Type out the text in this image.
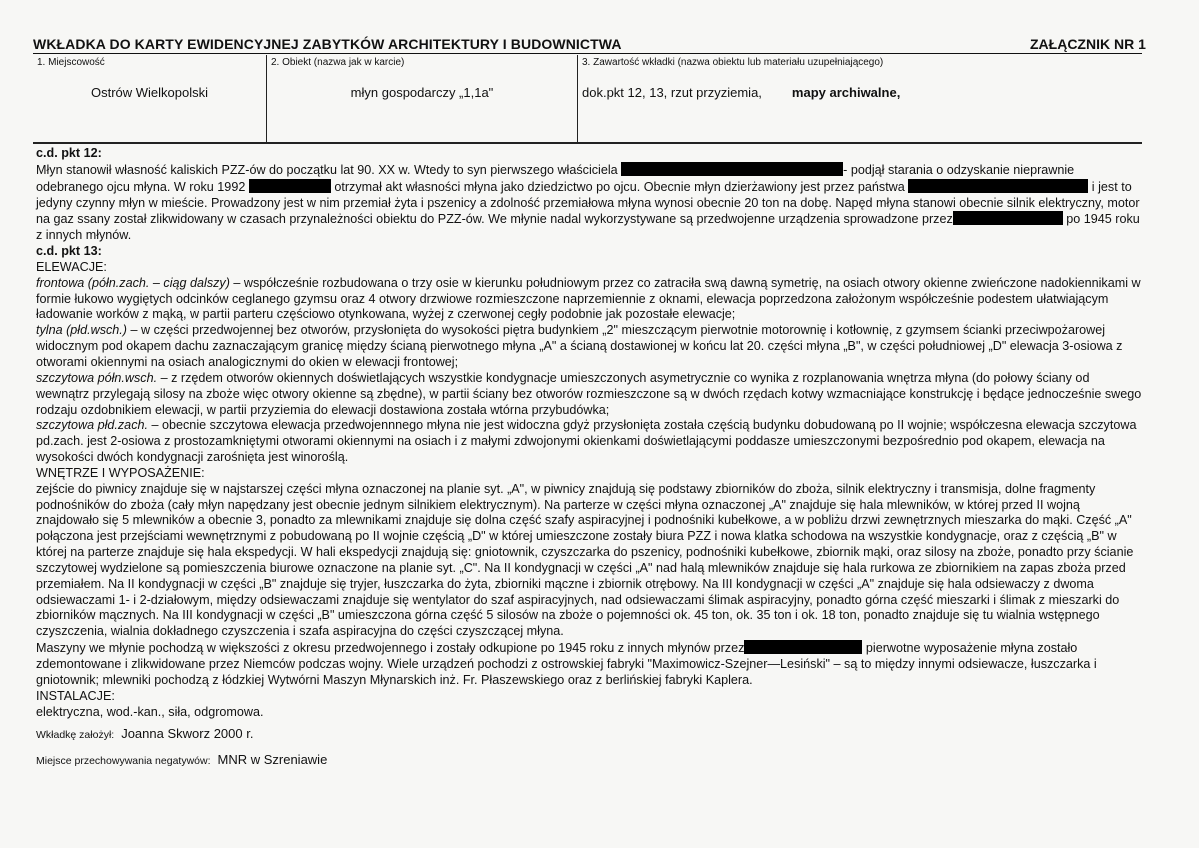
WKŁADKA DO KARTY EWIDENCYJNEJ ZABYTKÓW ARCHITEKTURY I BUDOWNICTWA	ZAŁĄCZNIK NR 1
1. Miejscowość
Ostrów Wielkopolski

2. Obiekt (nazwa jak w karcie)
młyn gospodarczy „1,1a"

3. Zawartość wkładki (nazwa obiektu lub materiału uzupełniającego)
dok.pkt 12, 13, rzut przyziemia, mapy archiwalne,

c.d. pkt 12:

Młyn stanowił własność kaliskich PZZ-ów do początku lat 90. XX w. Wtedy to syn pierwszego właściciela	- podjął starania o odzyskanie nieprawnie odebranego ojcu młyna. W roku 1992	otrzymał akt własności młyna jako dziedzictwo po ojcu. Obecnie młyn dzierżawiony jest przez państwa	i jest to jedyny czynny młyn w mieście. Prowadzony jest w nim przemiał żyta i pszenicy a zdolność przemiałowa młyna wynosi obecnie 20 ton na dobę. Napęd młyna stanowi obecnie silnik elektryczny, motor na gaz ssany został zlikwidowany w czasach przynależności obiektu do PZZ-ów. We młynie nadal wykorzystywane są przedwojenne urządzenia sprowadzone przez	po 1945 roku z innych młynów.

c.d. pkt 13:

ELEWACJE:

frontowa (półn.zach. – ciąg dalszy) – współcześnie rozbudowana o trzy osie w kierunku południowym przez co zatraciła swą dawną symetrię, na osiach otwory okienne zwieńczone nadokiennikami w formie łukowo wygiętych odcinków ceglanego gzymsu oraz 4 otwory drzwiowe rozmieszczone naprzemiennie z oknami, elewacja poprzedzona założonym współcześnie podestem ułatwiającym ładowanie worków z mąką, w partii parteru częściowo otynkowana, wyżej z czerwonej cegły podobnie jak pozostałe elewacje;

tylna (płd.wsch.) – w części przedwojennej bez otworów, przysłonięta do wysokości piętra budynkiem „2" mieszczącym pierwotnie motorownię i kotłownię, z gzymsem ścianki przeciwpożarowej widocznym pod okapem dachu zaznaczającym granicę między ścianą pierwotnego młyna „A" a ścianą dostawionej w końcu lat 20. części młyna „B", w części południowej „D" elewacja 3-osiowa z otworami okiennymi na osiach analogicznymi do okien w elewacji frontowej;

szczytowa półn.wsch. – z rzędem otworów okiennych doświetlających wszystkie kondygnacje umieszczonych asymetrycznie co wynika z rozplanowania wnętrza młyna (do połowy ściany od wewnątrz przylegają silosy na zboże więc otwory okienne są zbędne), w partii ściany bez otworów rozmieszczone są w dwóch rzędach kotwy wzmacniające konstrukcję i będące jednocześnie swego rodzaju ozdobnikiem elewacji, w partii przyziemia do elewacji dostawiona została wtórna przybudówka;

szczytowa płd.zach. – obecnie szczytowa elewacja przedwojennnego młyna nie jest widoczna gdyż przysłonięta została częścią budynku dobudowaną po II wojnie; współczesna elewacja szczytowa pd.zach. jest 2-osiowa z prostozamkniętymi otworami okiennymi na osiach i z małymi zdwojonymi okienkami doświetlającymi poddasze umieszczonymi bezpośrednio pod okapem, elewacja na wysokości dwóch kondygnacji zarośnięta jest winoroślą.

WNĘTRZE I WYPOSAŻENIE:

zejście do piwnicy znajduje się w najstarszej części młyna oznaczonej na planie syt. „A", w piwnicy znajdują się podstawy zbiorników do zboża, silnik elektryczny i transmisja, dolne fragmenty podnośników do zboża (cały młyn napędzany jest obecnie jednym silnikiem elektrycznym). Na parterze w części młyna oznaczonej „A" znajduje się hala mlewników, w której przed II wojną znajdowało się 5 mlewników a obecnie 3, ponadto za mlewnikami znajduje się dolna część szafy aspiracyjnej i podnośniki kubełkowe, a w pobliżu drzwi zewnętrznych mieszarka do mąki. Część „A" połączona jest przejściami wewnętrznymi z pobudowaną po II wojnie częścią „D" w której umieszczone zostały biura PZZ i nowa klatka schodowa na wszystkie kondygnacje, oraz z częścią „B" w której na parterze znajduje się hala ekspedycji. W hali ekspedycji znajdują się: gniotownik, czyszczarka do pszenicy, podnośniki kubełkowe, zbiornik mąki, oraz silosy na zboże, ponadto przy ścianie szczytowej wydzielone są pomieszczenia biurowe oznaczone na planie syt. „C". Na II kondygnacji w części „A" nad halą mlewników znajduje się hala rurkowa ze zbiornikiem na zapas zboża przed przemiałem. Na II kondygnacji w części „B" znajduje się tryjer, łuszczarka do żyta, zbiorniki mączne i zbiornik otrębowy. Na III kondygnacji w części „A" znajduje się hala odsiewaczy z dwoma odsiewaczami 1- i 2-działowym, między odsiewaczami znajduje się wentylator do szaf aspiracyjnych, nad odsiewaczami ślimak aspiracyjny, ponadto górna część mieszarki i ślimak z mieszarki do zbiorników mącznych. Na III kondygnacji w części „B" umieszczona górna część 5 silosów na zboże o pojemności ok. 45 ton, ok. 35 ton i ok. 18 ton, ponadto znajduje się tu wialnia wstępnego czyszczenia, wialnia dokładnego czyszczenia i szafa aspiracyjna do części czyszczącej młyna.

Maszyny we młynie pochodzą w większości z okresu przedwojennego i zostały odkupione po 1945 roku z innych młynów przez	pierwotne wyposażenie młyna zostało zdemontowane i zlikwidowane przez Niemców podczas wojny. Wiele urządzeń pochodzi z ostrowskiej fabryki "Maximowicz-Szejner—Lesiński" – są to między innymi odsiewacze, łuszczarka i gniotownik; mlewniki pochodzą z łódzkiej Wytwórni Maszyn Młynarskich inż. Fr. Płaszewskiego oraz z berlińskiej fabryki Kaplera.

INSTALACJE:

elektryczna, wod.-kan., siła, odgromowa.

Wkładkę założył: Joanna Skworz 2000 r.

Miejsce przechowywania negatywów: MNR w Szreniawie
